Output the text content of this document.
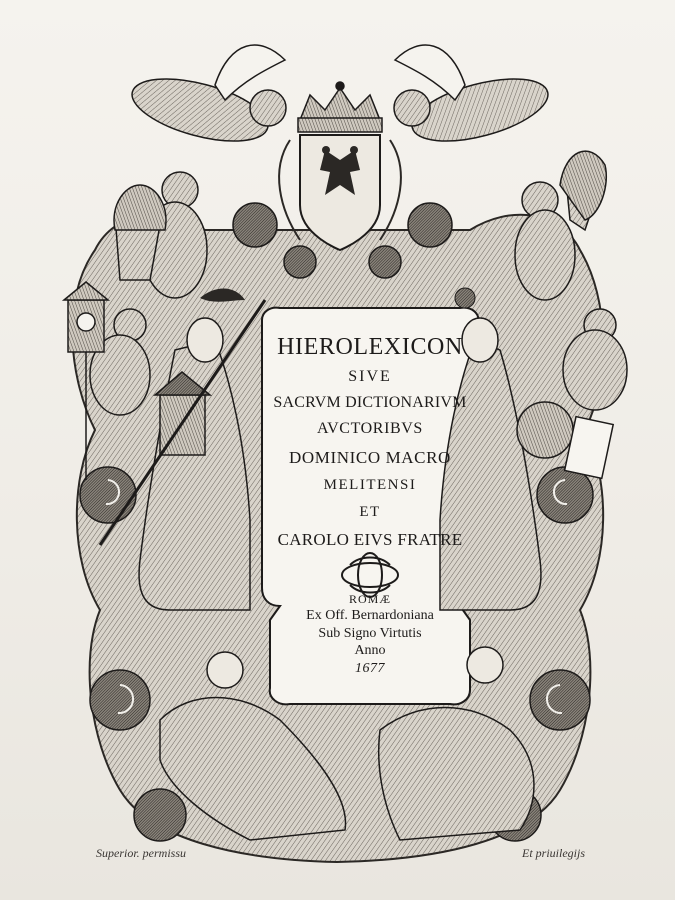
HIEROLEXICON
SIVE
SACRVM DICTIONARIVM
AVCTORIBVS
DOMINICO MACRO
MELITENSI
ET
CAROLO EIVS FRATRE
ROMÆ
Ex Off. Bernardoniana
Sub Signo Virtutis
Anno
1677
Superior. permissu	Et priuilegijs
